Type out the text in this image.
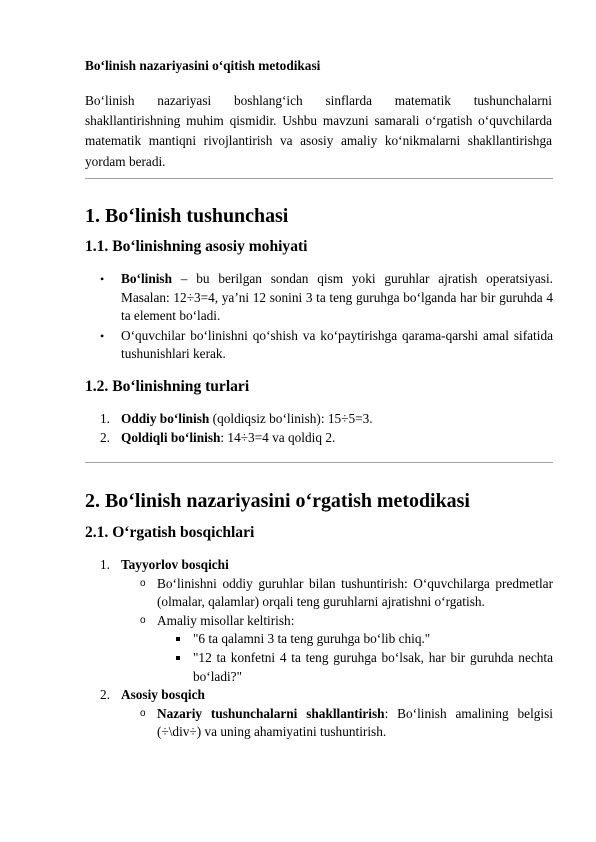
Bo‘linish nazariyasini o‘qitish metodikasi

Bo‘linish nazariyasi boshlang‘ich sinflarda matematik tushunchalarni shakllantirishning muhim qismidir. Ushbu mavzuni samarali o‘rgatish o‘quvchilarda matematik mantiqni rivojlantirish va asosiy amaliy ko‘nikmalarni shakllantirishga yordam beradi.

1. Bo‘linish tushunchasi
1.1. Bo‘linishning asosiy mohiyati
• Bo‘linish – bu berilgan sondan qism yoki guruhlar ajratish operatsiyasi. Masalan: 12÷3=4, ya’ni 12 sonini 3 ta teng guruhga bo‘lganda har bir guruhda 4 ta element bo‘ladi.
• O‘quvchilar bo‘linishni qo‘shish va ko‘paytirishga qarama-qarshi amal sifatida tushunishlari kerak.
1.2. Bo‘linishning turlari
1. Oddiy bo‘linish (qoldiqsiz bo‘linish): 15÷5=3.
2. Qoldiqli bo‘linish: 14÷3=4 va qoldiq 2.
2. Bo‘linish nazariyasini o‘rgatish metodikasi
2.1. O‘rgatish bosqichlari
1. Tayyorlov bosqichi
o Bo‘linishni oddiy guruhlar bilan tushuntirish: O‘quvchilarga predmetlar (olmalar, qalamlar) orqali teng guruhlarni ajratishni o‘rgatish.
o Amaliy misollar keltirish:
"6 ta qalamni 3 ta teng guruhga bo‘lib chiq."
"12 ta konfetni 4 ta teng guruhga bo‘lsak, har bir guruhda nechta bo‘ladi?"
2. Asosiy bosqich
o Nazariy tushunchalarni shakllantirish: Bo‘linish amalining belgisi (÷\div÷) va uning ahamiyatini tushuntirish.
